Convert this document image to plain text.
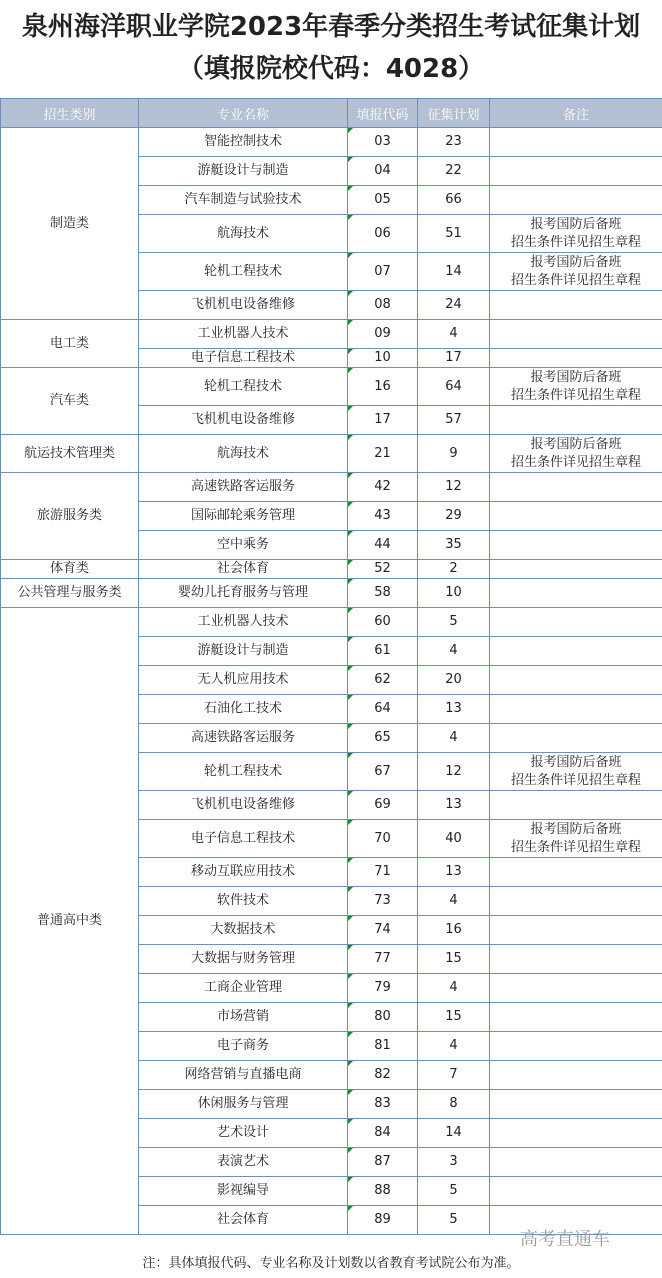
泉州海洋职业学院2023年春季分类招生考试征集计划
（填报院校代码：4028）
招生类别	专业名称	填报代码	征集计划	备注
制造类	智能控制技术	03	23	
	游艇设计与制造	04	22	
	汽车制造与试验技术	05	66	
	航海技术	06	51	报考国防后备班
招生条件详见招生章程

	轮机工程技术	07	14	报考国防后备班
招生条件详见招生章程

	飞机机电设备维修	08	24	
电工类	工业机器人技术	09	4	
	电子信息工程技术	10	17	
汽车类	轮机工程技术	16	64	报考国防后备班
招生条件详见招生章程

	飞机机电设备维修	17	57	
航运技术管理类	航海技术	21	9	报考国防后备班
招生条件详见招生章程

旅游服务类	高速铁路客运服务	42	12	
	国际邮轮乘务管理	43	29	
	空中乘务	44	35	
体育类	社会体育	52	2	
公共管理与服务类	婴幼儿托育服务与管理	58	10	
普通高中类	工业机器人技术	60	5	
	游艇设计与制造	61	4	
	无人机应用技术	62	20	
	石油化工技术	64	13	
	高速铁路客运服务	65	4	
	轮机工程技术	67	12	报考国防后备班
招生条件详见招生章程

	飞机机电设备维修	69	13	
	电子信息工程技术	70	40	报考国防后备班
招生条件详见招生章程

	移动互联应用技术	71	13	
	软件技术	73	4	
	大数据技术	74	16	
	大数据与财务管理	77	15	
	工商企业管理	79	4	
	市场营销	80	15	
	电子商务	81	4	
	网络营销与直播电商	82	7	
	休闲服务与管理	83	8	
	艺术设计	84	14	
	表演艺术	87	3	
	影视编导	88	5	
	社会体育	89	5	
注：具体填报代码、专业名称及计划数以省教育考试院公布为准。
高考直通车
